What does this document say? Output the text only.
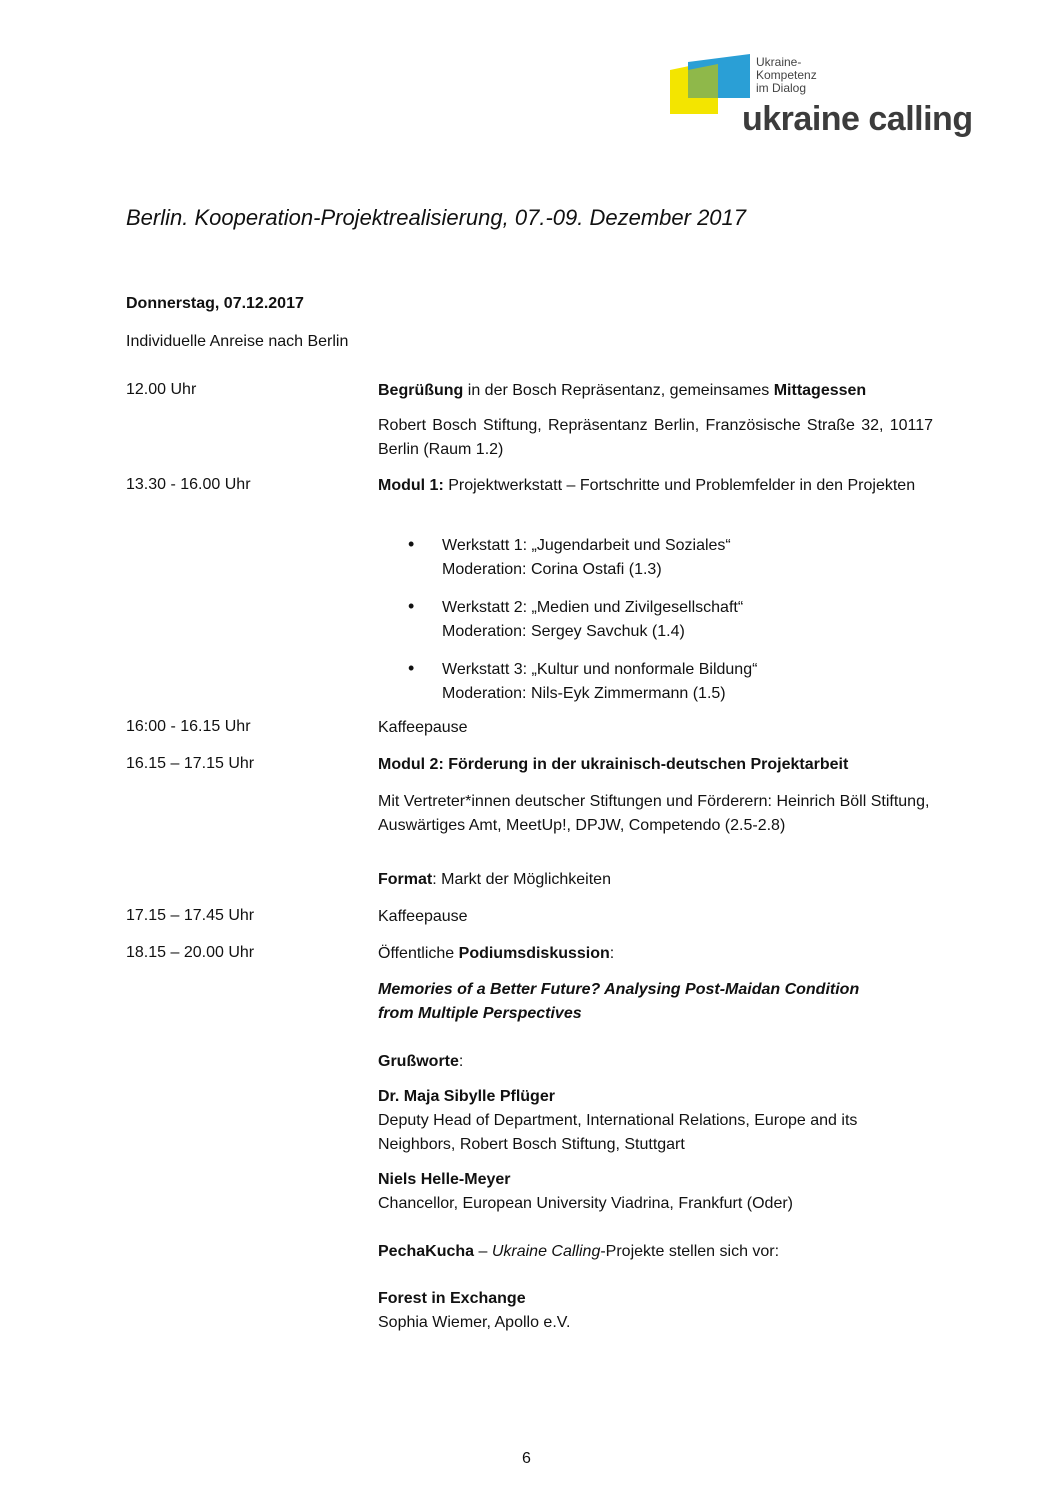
Ukraine-
Kompetenz
im Dialog
ukraine calling
Berlin. Kooperation-Projektrealisierung, 07.-09. Dezember 2017
Donnerstag, 07.12.2017
Individuelle Anreise nach Berlin
12.00 Uhr	Begrüßung in der Bosch Repräsentanz, gemeinsames Mittagessen
Robert Bosch Stiftung, Repräsentanz Berlin, Französische Straße 32, 10117 Berlin (Raum 1.2)
13.30 - 16.00 Uhr	Modul 1: Projektwerkstatt – Fortschritte und Problemfelder in den Projekten
• Werkstatt 1: „Jugendarbeit und Soziales“
Moderation: Corina Ostafi (1.3)
• Werkstatt 2: „Medien und Zivilgesellschaft“
Moderation: Sergey Savchuk (1.4)
• Werkstatt 3: „Kultur und nonformale Bildung“
Moderation: Nils-Eyk Zimmermann (1.5)
16:00 - 16.15 Uhr	Kaffeepause
16.15 – 17.15 Uhr	Modul 2: Förderung in der ukrainisch-deutschen Projektarbeit
Mit Vertreter*innen deutscher Stiftungen und Förderern: Heinrich Böll Stiftung, Auswärtiges Amt, MeetUp!, DPJW, Competendo (2.5-2.8)
Format: Markt der Möglichkeiten
17.15 – 17.45 Uhr	Kaffeepause
18.15 – 20.00 Uhr	Öffentliche Podiumsdiskussion:
Memories of a Better Future? Analysing Post-Maidan Condition from Multiple Perspectives
Grußworte:
Dr. Maja Sibylle Pflüger
Deputy Head of Department, International Relations, Europe and its Neighbors, Robert Bosch Stiftung, Stuttgart
Niels Helle-Meyer
Chancellor, European University Viadrina, Frankfurt (Oder)
PechaKucha – Ukraine Calling-Projekte stellen sich vor:
Forest in Exchange
Sophia Wiemer, Apollo e.V.
6
